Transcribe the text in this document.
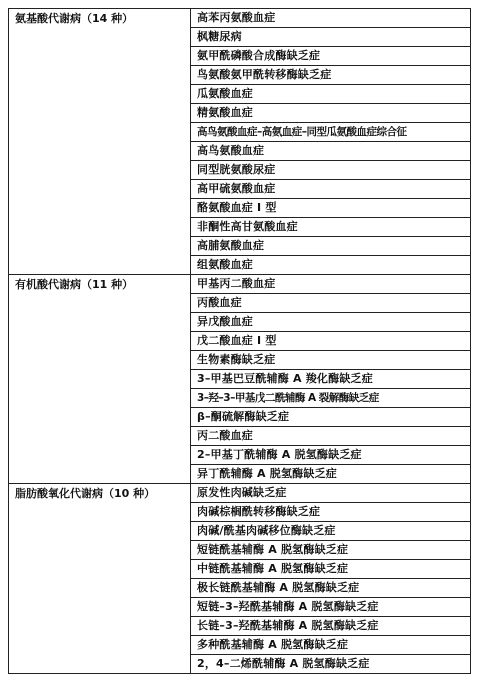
氨基酸代谢病（14 种）	高苯丙氨酸血症
	枫糖尿病
	氨甲酰磷酸合成酶缺乏症
	鸟氨酸氨甲酰转移酶缺乏症
	瓜氨酸血症
	精氨酸血症
	高鸟氨酸血症–高氨血症–同型瓜氨酸血症综合征
	高鸟氨酸血症
	同型胱氨酸尿症
	高甲硫氨酸血症
	酪氨酸血症 I 型
	非酮性高甘氨酸血症
	高脯氨酸血症
	组氨酸血症
有机酸代谢病（11 种）	甲基丙二酸血症
	丙酸血症
	异戊酸血症
	戊二酸血症 I 型
	生物素酶缺乏症
	3–甲基巴豆酰辅酶 A 羧化酶缺乏症
	3–羟–3–甲基戊二酰辅酶 A 裂解酶缺乏症
	β–酮硫解酶缺乏症
	丙二酸血症
	2–甲基丁酰辅酶 A 脱氢酶缺乏症
	异丁酰辅酶 A 脱氢酶缺乏症
脂肪酸氧化代谢病（10 种）	原发性肉碱缺乏症
	肉碱棕榈酰转移酶缺乏症
	肉碱/酰基肉碱移位酶缺乏症
	短链酰基辅酶 A 脱氢酶缺乏症
	中链酰基辅酶 A 脱氢酶缺乏症
	极长链酰基辅酶 A 脱氢酶缺乏症
	短链–3–羟酰基辅酶 A 脱氢酶缺乏症
	长链–3–羟酰基辅酶 A 脱氢酶缺乏症
	多种酰基辅酶 A 脱氢酶缺乏症
	2，4–二烯酰辅酶 A 脱氢酶缺乏症
